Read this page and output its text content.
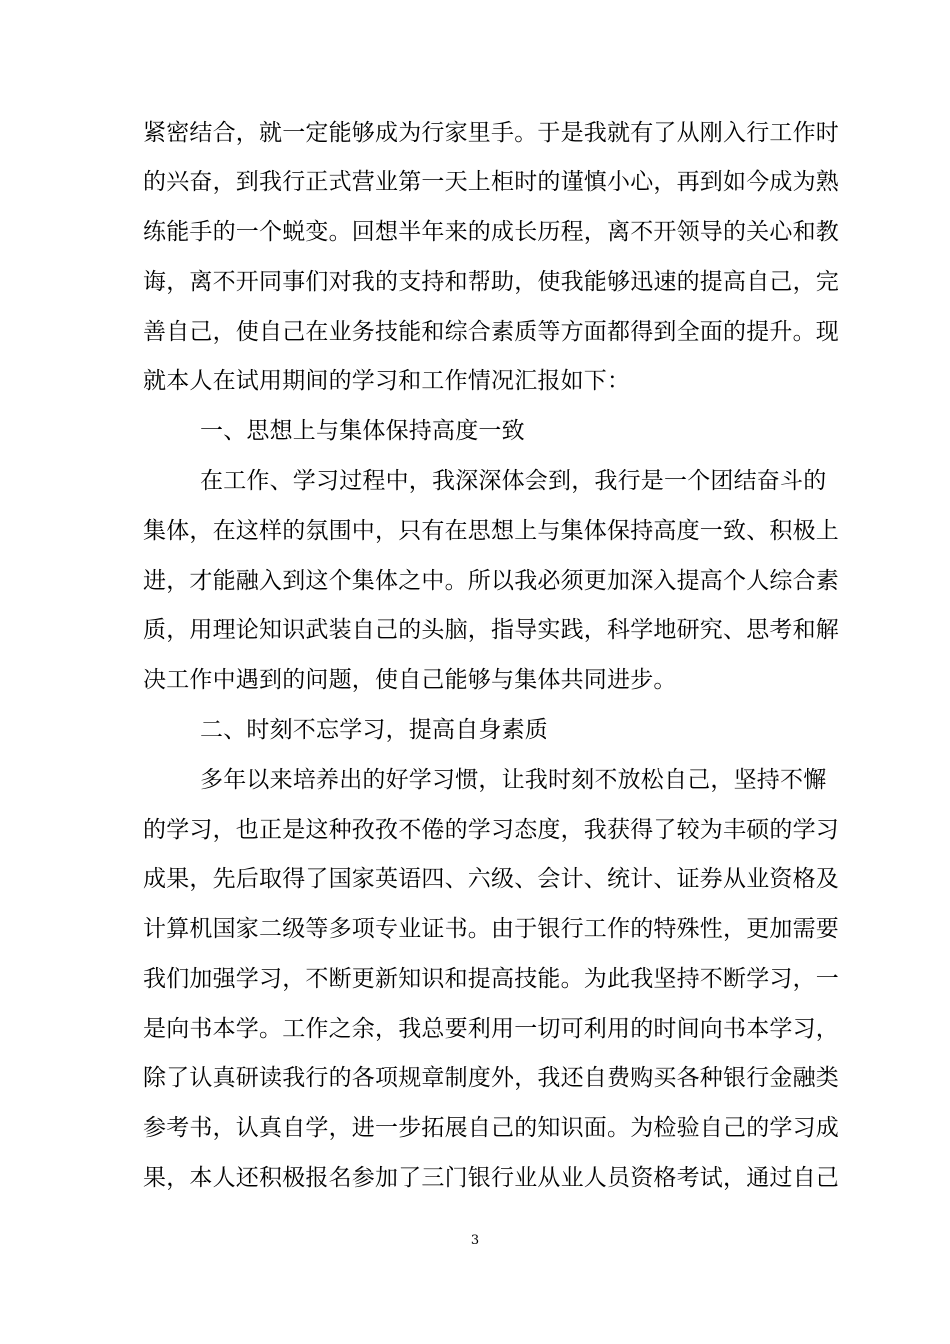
紧密结合，就一定能够成为行家里手。于是我就有了从刚入行工作时
的兴奋，到我行正式营业第一天上柜时的谨慎小心，再到如今成为熟
练能手的一个蜕变。回想半年来的成长历程，离不开领导的关心和教
诲，离不开同事们对我的支持和帮助，使我能够迅速的提高自己，完
善自己，使自己在业务技能和综合素质等方面都得到全面的提升。现
就本人在试用期间的学习和工作情况汇报如下：
一、思想上与集体保持高度一致
在工作、学习过程中，我深深体会到，我行是一个团结奋斗的
集体，在这样的氛围中，只有在思想上与集体保持高度一致、积极上
进，才能融入到这个集体之中。所以我必须更加深入提高个人综合素
质，用理论知识武装自己的头脑，指导实践，科学地研究、思考和解
决工作中遇到的问题，使自己能够与集体共同进步。
二、时刻不忘学习，提高自身素质
多年以来培养出的好学习惯，让我时刻不放松自己，坚持不懈
的学习，也正是这种孜孜不倦的学习态度，我获得了较为丰硕的学习
成果，先后取得了国家英语四、六级、会计、统计、证券从业资格及
计算机国家二级等多项专业证书。由于银行工作的特殊性，更加需要
我们加强学习，不断更新知识和提高技能。为此我坚持不断学习，一
是向书本学。工作之余，我总要利用一切可利用的时间向书本学习，
除了认真研读我行的各项规章制度外，我还自费购买各种银行金融类
参考书，认真自学，进一步拓展自己的知识面。为检验自己的学习成
果，本人还积极报名参加了三门银行业从业人员资格考试，通过自己
3
